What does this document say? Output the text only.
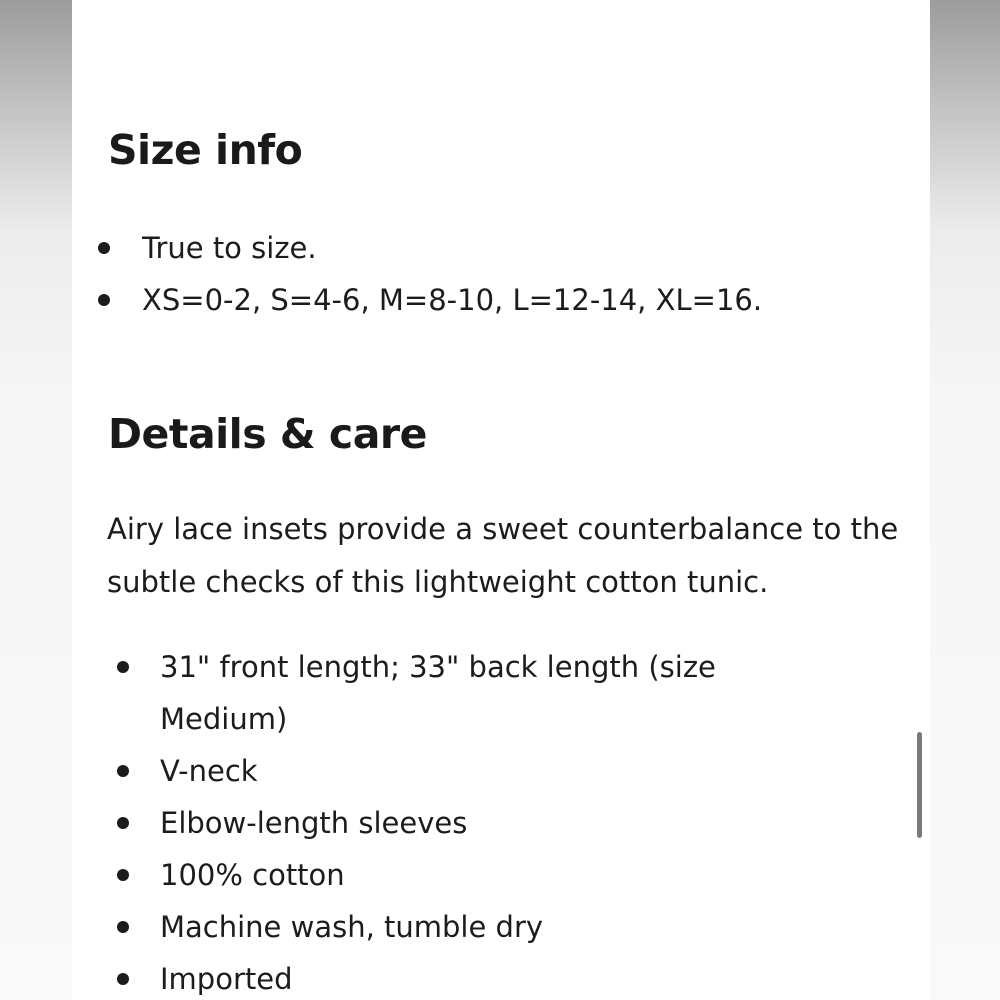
Size info
True to size.
XS=0-2, S=4-6, M=8-10, L=12-14, XL=16.
Details & care

Airy lace insets provide a sweet counterbalance to the subtle checks of this lightweight cotton tunic.

31" front length; 33" back length (size Medium)
V-neck
Elbow-length sleeves
100% cotton
Machine wash, tumble dry
Imported
